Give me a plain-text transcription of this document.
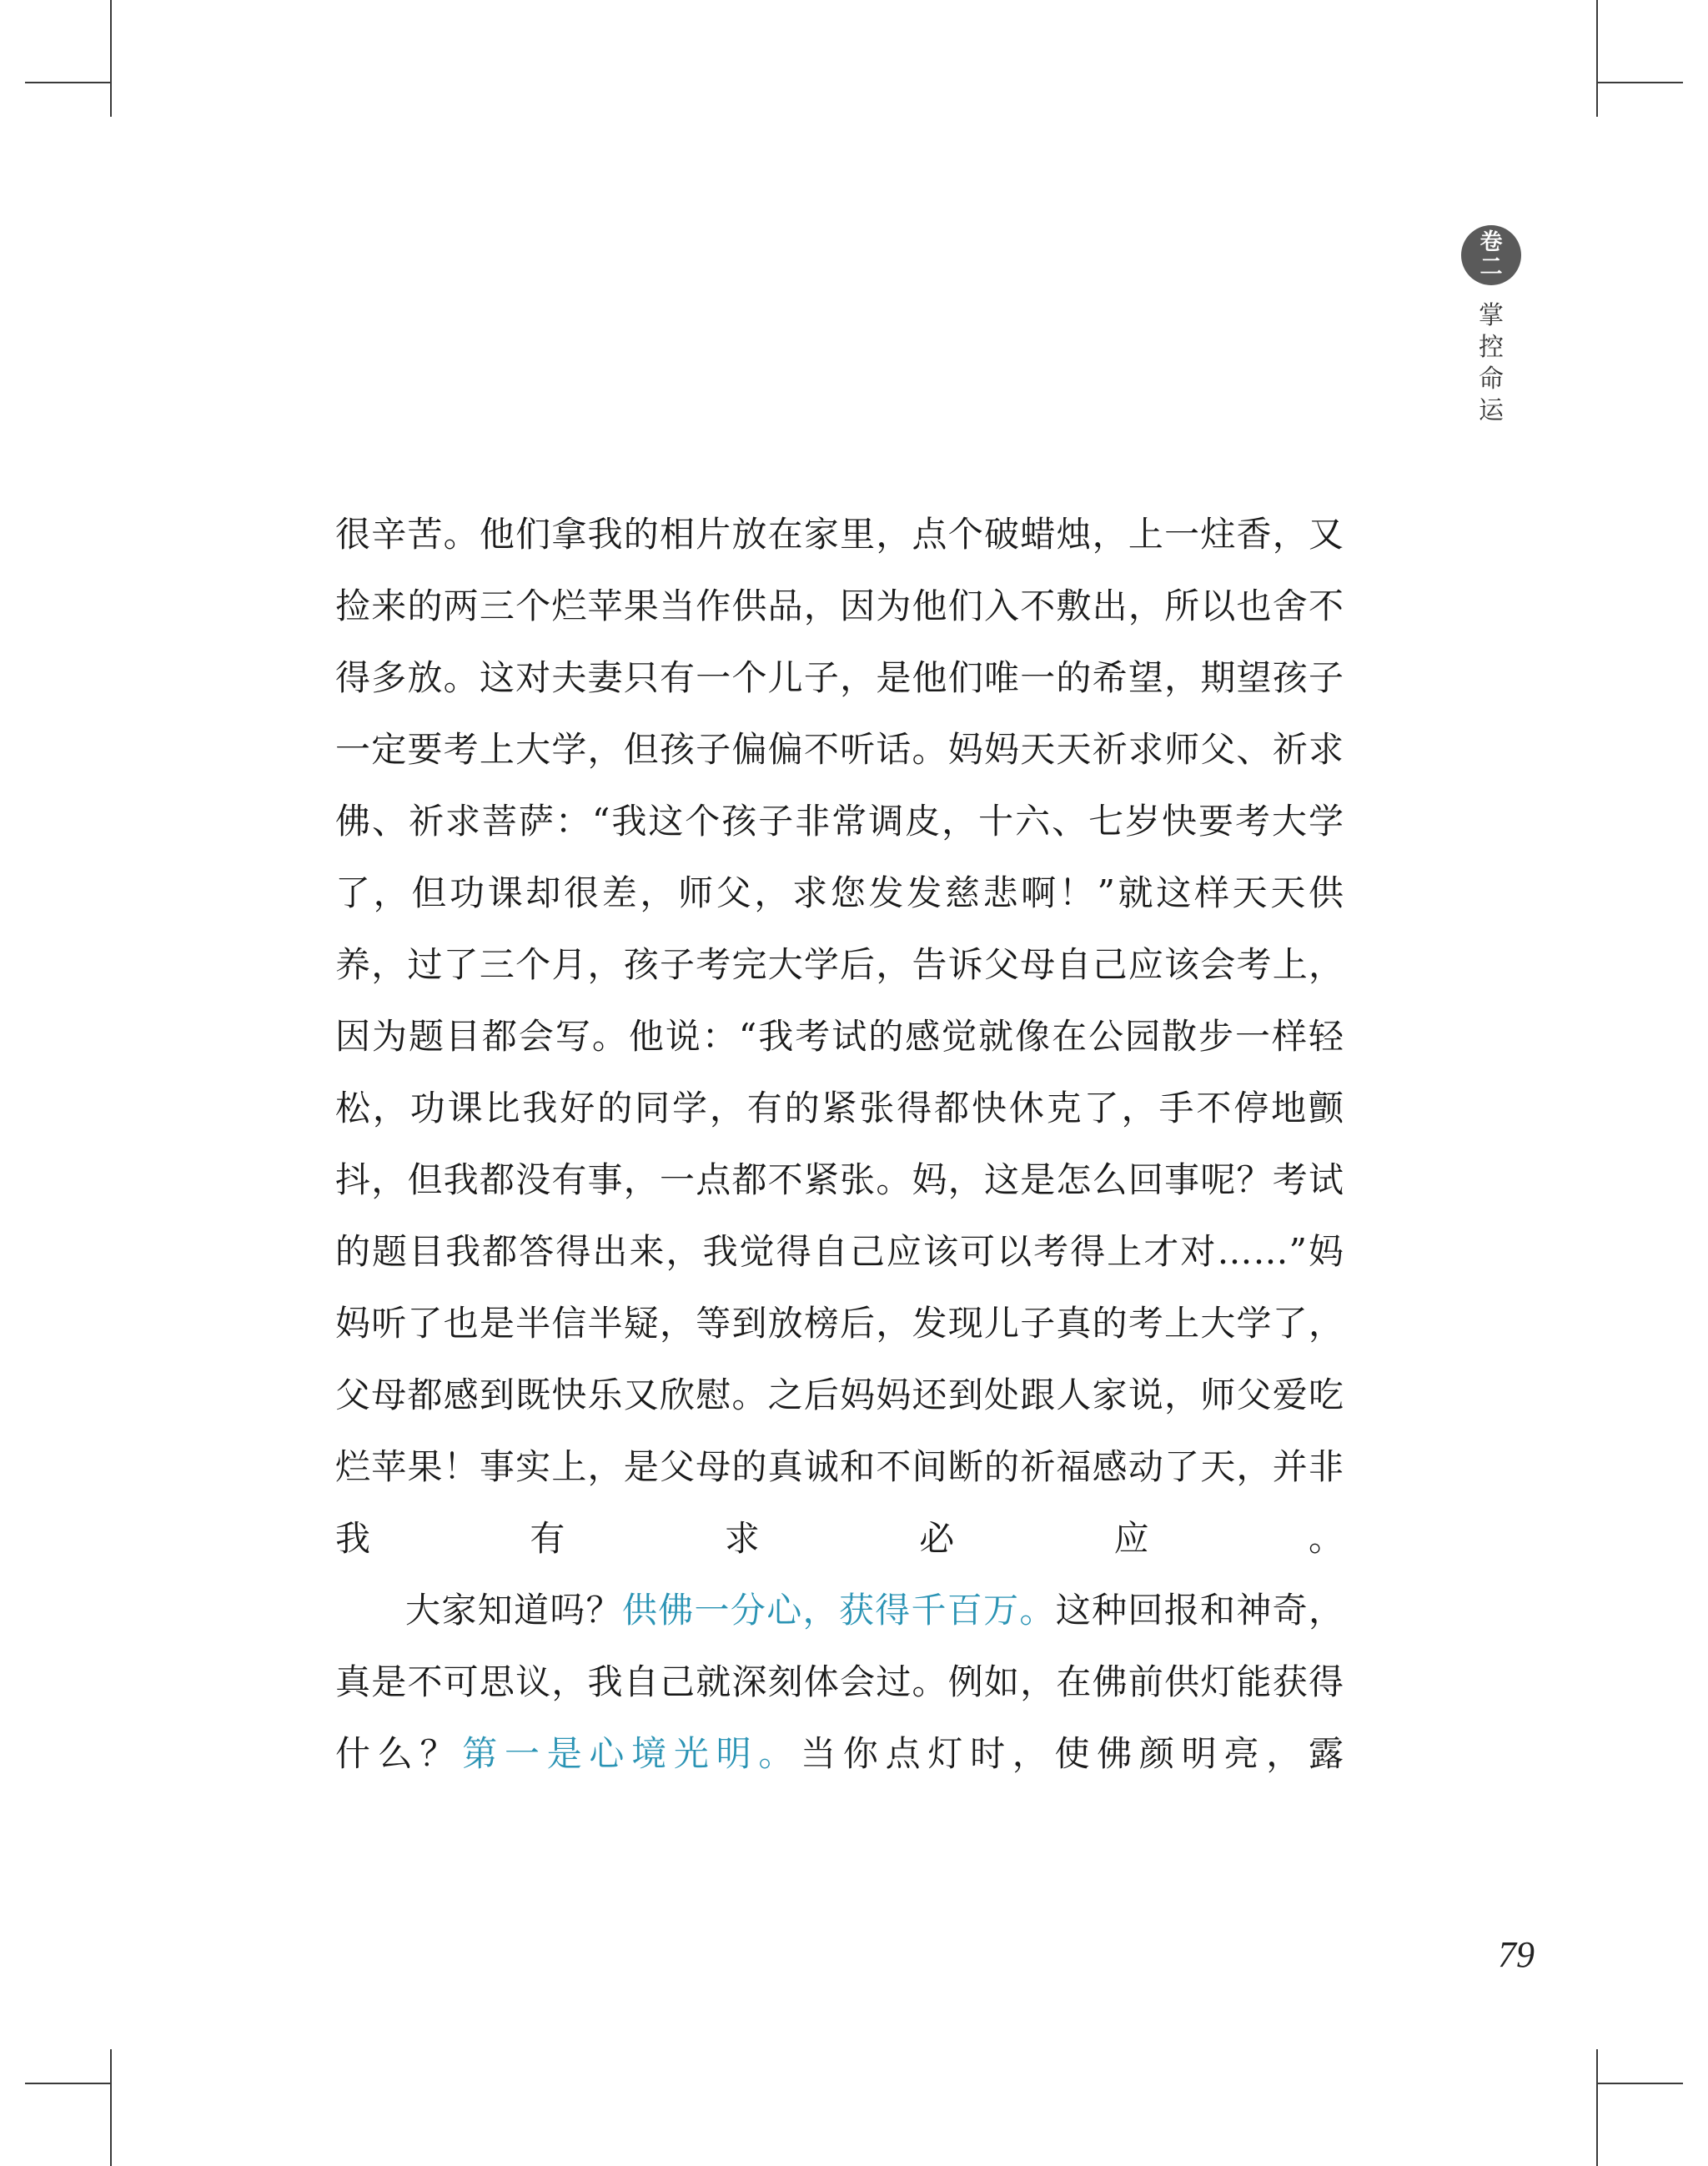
卷
二
掌
控
命
运

很辛苦。他们拿我的相片放在家里，点个破蜡烛，上一炷香，又捡来的两三个烂苹果当作供品，因为他们入不敷出，所以也舍不得多放。这对夫妻只有一个儿子，是他们唯一的希望，期望孩子一定要考上大学，但孩子偏偏不听话。妈妈天天祈求师父、祈求佛、祈求菩萨：“我这个孩子非常调皮，十六、七岁快要考大学了，但功课却很差，师父，求您发发慈悲啊！”就这样天天供养，过了三个月，孩子考完大学后，告诉父母自己应该会考上，因为题目都会写。他说：“我考试的感觉就像在公园散步一样轻松，功课比我好的同学，有的紧张得都快休克了，手不停地颤抖，但我都没有事，一点都不紧张。妈，这是怎么回事呢？考试的题目我都答得出来，我觉得自己应该可以考得上才对……”妈妈听了也是半信半疑，等到放榜后，发现儿子真的考上大学了，父母都感到既快乐又欣慰。之后妈妈还到处跟人家说，师父爱吃烂苹果！事实上，是父母的真诚和不间断的祈福感动了天，并非我有求必应。

大家知道吗？供佛一分心，获得千百万。这种回报和神奇，真是不可思议，我自己就深刻体会过。例如，在佛前供灯能获得什么？第一是心境光明。当你点灯时，使佛颜明亮，露

79
